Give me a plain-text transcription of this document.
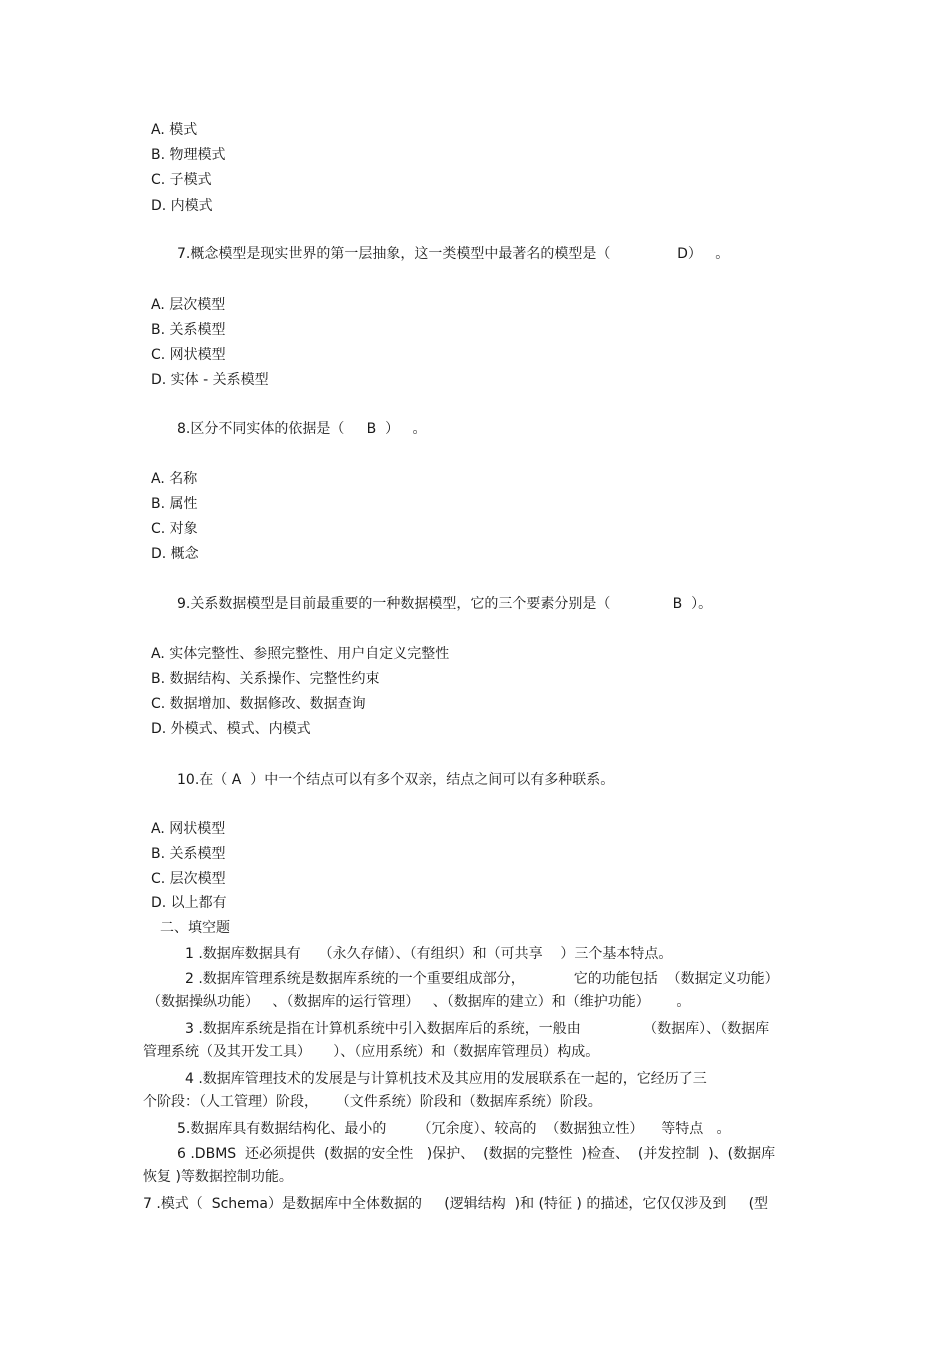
A. 模式
B. 物理模式
C. 子模式
D. 内模式
7.概念模型是现实世界的第一层抽象，这一类模型中最著名的模型是（               D）   。
A. 层次模型
B. 关系模型
C. 网状模型
D. 实体 - 关系模型
8.区分不同实体的依据是（     B  ）   。
A. 名称
B. 属性
C. 对象
D. 概念
9.关系数据模型是目前最重要的一种数据模型，它的三个要素分别是（              B  ）。
A. 实体完整性、参照完整性、用户自定义完整性
B. 数据结构、关系操作、完整性约束
C. 数据增加、数据修改、数据查询
D. 外模式、模式、内模式
10.在（ A  ）中一个结点可以有多个双亲，结点之间可以有多种联系。
A. 网状模型
B. 关系模型
C. 层次模型
D. 以上都有
二、填空题
1 .数据库数据具有    （永久存储）、（有组织）和（可共享    ）三个基本特点。
2 .数据库管理系统是数据库系统的一个重要组成部分，           它的功能包括  （数据定义功能）
（数据操纵功能）   、（数据库的运行管理）   、（数据库的建立）和（维护功能）      。
3 .数据库系统是指在计算机系统中引入数据库后的系统，一般由              （数据库）、（数据库
管理系统（及其开发工具）     ）、（应用系统）和（数据库管理员）构成。
4 .数据库管理技术的发展是与计算机技术及其应用的发展联系在一起的，它经历了三
个阶段：（人工管理）阶段，    （文件系统）阶段和（数据库系统）阶段。
5.数据库具有数据结构化、最小的       （冗余度）、较高的  （数据独立性）    等特点   。
6 .DBMS  还必须提供  (数据的安全性   )保护、  (数据的完整性  )检查、  (并发控制  )、(数据库
恢复 )等数据控制功能。
7 .模式（  Schema）是数据库中全体数据的     (逻辑结构  )和 (特征 ) 的描述，它仅仅涉及到     (型
